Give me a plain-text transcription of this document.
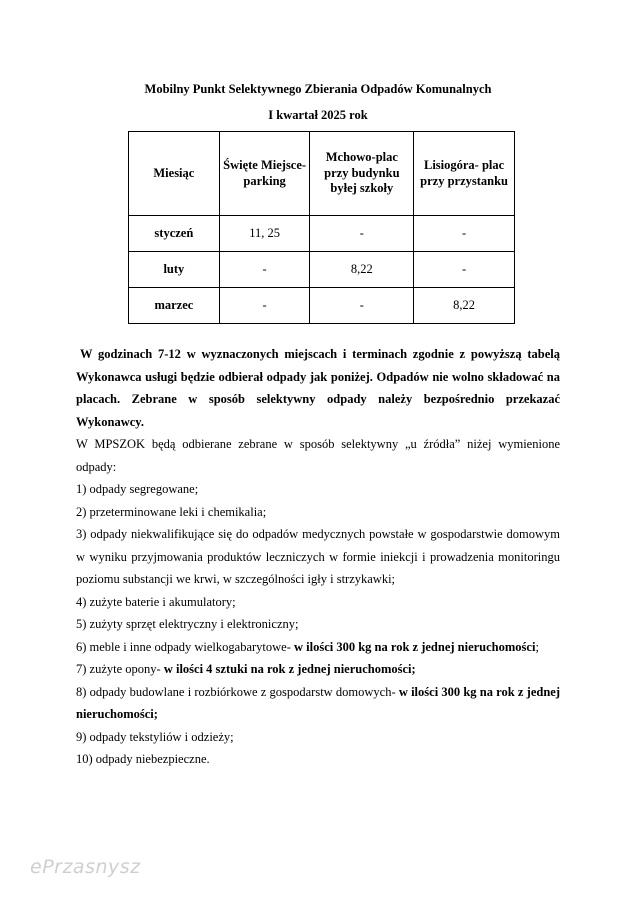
Mobilny Punkt Selektywnego Zbierania Odpadów Komunalnych
I kwartał 2025 rok
Miesiąc	Święte Miejsce- parking	Mchowo-plac przy budynku byłej szkoły	Lisiogóra- plac przy przystanku
styczeń	11, 25	-	-
luty	-	8,22	-
marzec	-	-	8,22

W godzinach 7-12 w wyznaczonych miejscach i terminach zgodnie z powyższą tabelą Wykonawca usługi będzie odbierał odpady jak poniżej. Odpadów nie wolno składować na placach. Zebrane w sposób selektywny odpady należy bezpośrednio przekazać Wykonawcy.

W MPSZOK będą odbierane zebrane w sposób selektywny „u źródła” niżej wymienione odpady:

1) odpady segregowane;
2) przeterminowane leki i chemikalia;
3) odpady niekwalifikujące się do odpadów medycznych powstałe w gospodarstwie domowym w wyniku przyjmowania produktów leczniczych w formie iniekcji i prowadzenia monitoringu poziomu substancji we krwi, w szczególności igły i strzykawki;
4) zużyte baterie i akumulatory;
5) zużyty sprzęt elektryczny i elektroniczny;
6) meble i inne odpady wielkogabarytowe- w ilości 300 kg na rok z jednej nieruchomości;
7) zużyte opony- w ilości 4 sztuki na rok z jednej nieruchomości;
8) odpady budowlane i rozbiórkowe z gospodarstw domowych- w ilości 300 kg na rok z jednej nieruchomości;
9) odpady tekstyliów i odzieży;
10) odpady niebezpieczne.
ePrzasnysz
